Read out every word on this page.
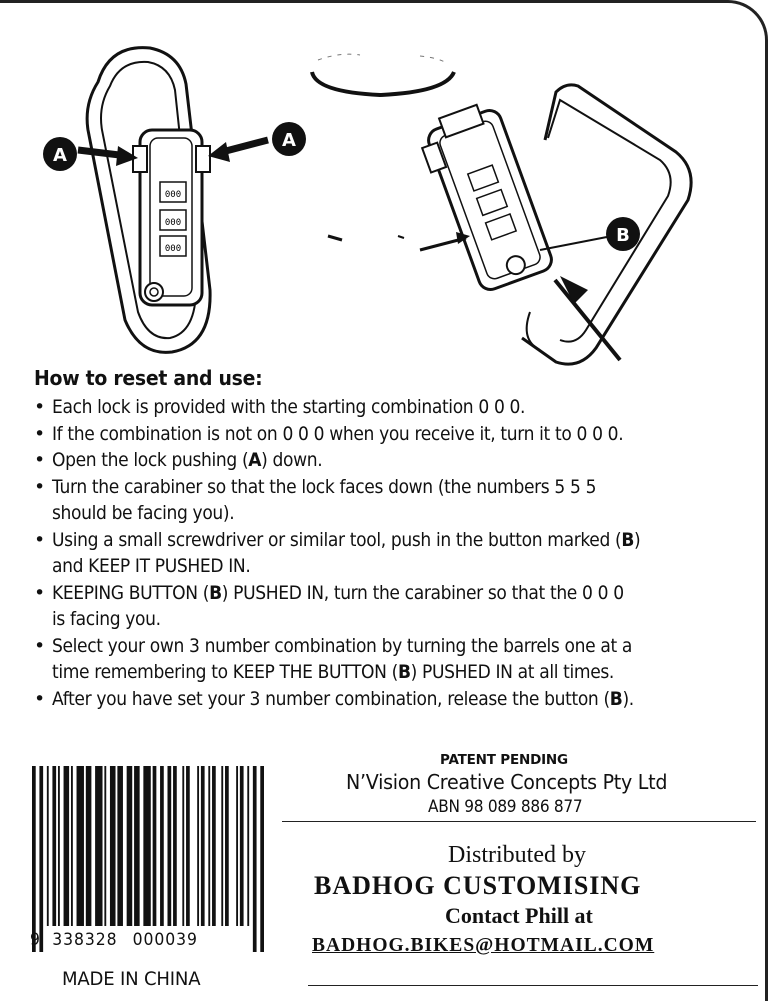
000
000
000
A
A
B
How to reset and use:
• Each lock is provided with the starting combination 0 0 0.
• If the combination is not on 0 0 0 when you receive it, turn it to 0 0 0.
• Open the lock pushing (A) down.
• Turn the carabiner so that the lock faces down (the numbers 5 5 5
should be facing you).
• Using a small screwdriver or similar tool, push in the button marked (B)
and KEEP IT PUSHED IN.
• KEEPING BUTTON (B) PUSHED IN, turn the carabiner so that the 0 0 0
is facing you.
• Select your own 3 number combination by turning the barrels one at a
time remembering to KEEP THE BUTTON (B) PUSHED IN at all times.
• After you have set your 3 number combination, release the button (B).
9 338328 000039
MADE IN CHINA
PATENT PENDING
N’Vision Creative Concepts Pty Ltd
ABN 98 089 886 877
Distributed by
BADHOG CUSTOMISING
Contact Phill at
BADHOG.BIKES@HOTMAIL.COM
